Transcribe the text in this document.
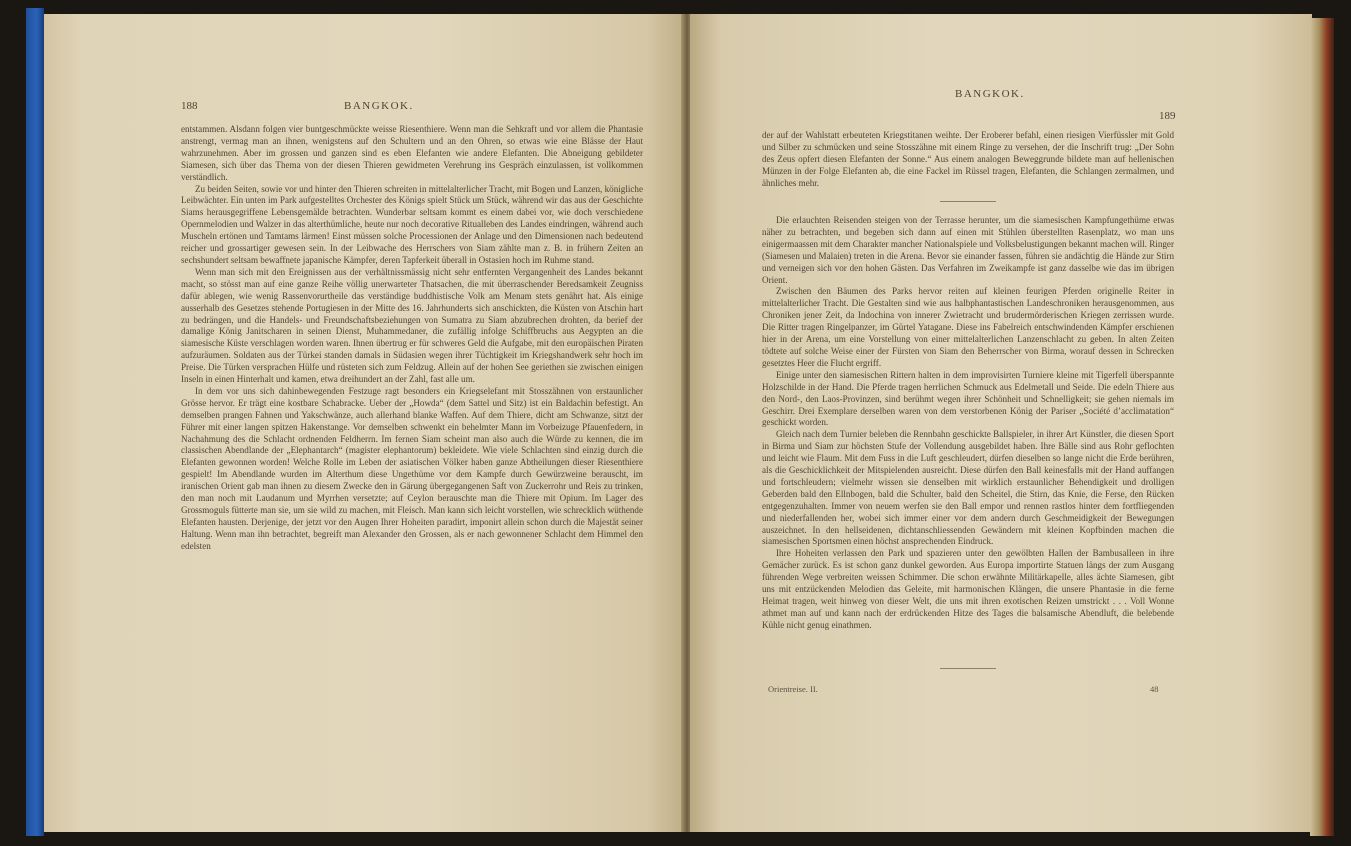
BANGKOK.
188

entstammen. Alsdann folgen vier buntgeschmückte weisse Riesenthiere. Wenn man die Sehkraft und vor allem die Phantasie anstrengt, vermag man an ihnen, wenigstens auf den Schultern und an den Ohren, so etwas wie eine Blässe der Haut wahrzunehmen. Aber im grossen und ganzen sind es eben Elefanten wie andere Elefanten. Die Abneigung gebildeter Siamesen, sich über das Thema von der diesen Thieren gewidmeten Verehrung ins Gespräch einzulassen, ist vollkommen verständlich.

Zu beiden Seiten, sowie vor und hinter den Thieren schreiten in mittelalterlicher Tracht, mit Bogen und Lanzen, königliche Leibwächter. Ein unten im Park aufgestelltes Orchester des Königs spielt Stück um Stück, während wir das aus der Geschichte Siams herausgegriffene Lebensgemälde betrachten. Wunderbar seltsam kommt es einem dabei vor, wie doch verschiedene Opernmelodien und Walzer in das alterthümliche, heute nur noch decorative Ritualleben des Landes eindringen, während auch Muscheln ertönen und Tamtams lärmen! Einst müssen solche Processionen der Anlage und den Dimensionen nach bedeutend reicher und grossartiger gewesen sein. In der Leibwache des Herrschers von Siam zählte man z. B. in frühern Zeiten an sechshundert seltsam bewaffnete japanische Kämpfer, deren Tapferkeit überall in Ostasien hoch im Ruhme stand.

Wenn man sich mit den Ereignissen aus der verhältnissmässig nicht sehr entfernten Vergangenheit des Landes bekannt macht, so stösst man auf eine ganze Reihe völlig unerwarteter Thatsachen, die mit überraschender Beredsamkeit Zeugniss dafür ablegen, wie wenig Rassenvorurtheile das verständige buddhistische Volk am Menam stets genährt hat. Als einige ausserhalb des Gesetzes stehende Portugiesen in der Mitte des 16. Jahrhunderts sich anschickten, die Küsten von Atschin hart zu bedrängen, und die Handels- und Freundschaftsbeziehungen von Sumatra zu Siam abzubrechen drohten, da berief der damalige König Janitscharen in seinen Dienst, Muhammedaner, die zufällig infolge Schiffbruchs aus Aegypten an die siamesische Küste verschlagen worden waren. Ihnen übertrug er für schweres Geld die Aufgabe, mit den europäischen Piraten aufzuräumen. Soldaten aus der Türkei standen damals in Südasien wegen ihrer Tüchtigkeit im Kriegshandwerk sehr hoch im Preise. Die Türken versprachen Hülfe und rüsteten sich zum Feldzug. Allein auf der hohen See geriethen sie zwischen einigen Inseln in einen Hinterhalt und kamen, etwa dreihundert an der Zahl, fast alle um.

In dem vor uns sich dahinbewegenden Festzuge ragt besonders ein Kriegselefant mit Stosszähnen von erstaunlicher Grösse hervor. Er trägt eine kostbare Schabracke. Ueber der „Howda“ (dem Sattel und Sitz) ist ein Baldachin befestigt. An demselben prangen Fahnen und Yakschwänze, auch allerhand blanke Waffen. Auf dem Thiere, dicht am Schwanze, sitzt der Führer mit einer langen spitzen Hakenstange. Vor demselben schwenkt ein behelmter Mann im Vorbeizuge Pfauenfedern, in Nachahmung des die Schlacht ordnenden Feldherrn. Im fernen Siam scheint man also auch die Würde zu kennen, die im classischen Abendlande der „Elephantarch“ (magister elephantorum) bekleidete. Wie viele Schlachten sind einzig durch die Elefanten gewonnen worden! Welche Rolle im Leben der asiatischen Völker haben ganze Abtheilungen dieser Riesenthiere gespielt! Im Abendlande wurden im Alterthum diese Ungethüme vor dem Kampfe durch Gewürzweine berauscht, im iranischen Orient gab man ihnen zu diesem Zwecke den in Gärung übergegangenen Saft von Zuckerrohr und Reis zu trinken, den man noch mit Laudanum und Myrrhen versetzte; auf Ceylon berauschte man die Thiere mit Opium. Im Lager des Grossmoguls fütterte man sie, um sie wild zu machen, mit Fleisch. Man kann sich leicht vorstellen, wie schrecklich wüthende Elefanten hausten. Derjenige, der jetzt vor den Augen Ihrer Hoheiten paradirt, imponirt allein schon durch die Majestät seiner Haltung. Wenn man ihn betrachtet, begreift man Alexander den Grossen, als er nach gewonnener Schlacht dem Himmel den edelsten

BANGKOK.
189

der auf der Wahlstatt erbeuteten Kriegstitanen weihte. Der Eroberer befahl, einen riesigen Vierfüssler mit Gold und Silber zu schmücken und seine Stosszähne mit einem Ringe zu versehen, der die Inschrift trug: „Der Sohn des Zeus opfert diesen Elefanten der Sonne.“ Aus einem analogen Beweggrunde bildete man auf hellenischen Münzen in der Folge Elefanten ab, die eine Fackel im Rüssel tragen, Elefanten, die Schlangen zermalmen, und ähnliches mehr.

Die erlauchten Reisenden steigen von der Terrasse herunter, um die siamesischen Kampfungethüme etwas näher zu betrachten, und begeben sich dann auf einen mit Stühlen überstellten Rasenplatz, wo man uns einigermaassen mit dem Charakter mancher Nationalspiele und Volksbelustigungen bekannt machen will. Ringer (Siamesen und Malaien) treten in die Arena. Bevor sie einander fassen, führen sie andächtig die Hände zur Stirn und verneigen sich vor den hohen Gästen. Das Verfahren im Zweikampfe ist ganz dasselbe wie das im übrigen Orient.

Zwischen den Bäumen des Parks hervor reiten auf kleinen feurigen Pferden originelle Reiter in mittelalterlicher Tracht. Die Gestalten sind wie aus halbphantastischen Landeschroniken herausgenommen, aus Chroniken jener Zeit, da Indochina von innerer Zwietracht und brudermörderischen Kriegen zerrissen wurde. Die Ritter tragen Ringelpanzer, im Gürtel Yatagane. Diese ins Fabelreich entschwindenden Kämpfer erschienen hier in der Arena, um eine Vorstellung von einer mittelalterlichen Lanzenschlacht zu geben. In alten Zeiten tödtete auf solche Weise einer der Fürsten von Siam den Beherrscher von Birma, worauf dessen in Schrecken gesetztes Heer die Flucht ergriff.

Einige unter den siamesischen Rittern halten in dem improvisirten Turniere kleine mit Tigerfell überspannte Holzschilde in der Hand. Die Pferde tragen herrlichen Schmuck aus Edelmetall und Seide. Die edeln Thiere aus den Nord-, den Laos-Provinzen, sind berühmt wegen ihrer Schönheit und Schnelligkeit; sie gehen niemals im Geschirr. Drei Exemplare derselben waren von dem verstorbenen König der Pariser „Société d’acclimatation“ geschickt worden.

Gleich nach dem Turnier beleben die Rennbahn geschickte Ballspieler, in ihrer Art Künstler, die diesen Sport in Birma und Siam zur höchsten Stufe der Vollendung ausgebildet haben. Ihre Bälle sind aus Rohr geflochten und leicht wie Flaum. Mit dem Fuss in die Luft geschleudert, dürfen dieselben so lange nicht die Erde berühren, als die Geschicklichkeit der Mitspielenden ausreicht. Diese dürfen den Ball keinesfalls mit der Hand auffangen und fortschleudern; vielmehr wissen sie denselben mit wirklich erstaunlicher Behendigkeit und drolligen Geberden bald den Ellnbogen, bald die Schulter, bald den Scheitel, die Stirn, das Knie, die Ferse, den Rücken entgegenzuhalten. Immer von neuem werfen sie den Ball empor und rennen rastlos hinter dem fortfliegenden und niederfallenden her, wobei sich immer einer vor dem andern durch Geschmeidigkeit der Bewegungen auszeichnet. In den hellseidenen, dichtanschliessenden Gewändern mit kleinen Kopfbinden machen die siamesischen Sportsmen einen höchst ansprechenden Eindruck.

Ihre Hoheiten verlassen den Park und spazieren unter den gewölbten Hallen der Bambusalleen in ihre Gemächer zurück. Es ist schon ganz dunkel geworden. Aus Europa importirte Statuen längs der zum Ausgang führenden Wege verbreiten weissen Schimmer. Die schon erwähnte Militärkapelle, alles ächte Siamesen, gibt uns mit entzückenden Melodien das Geleite, mit harmonischen Klängen, die unsere Phantasie in die ferne Heimat tragen, weit hinweg von dieser Welt, die uns mit ihren exotischen Reizen umstrickt . . . Voll Wonne athmet man auf und kann nach der erdrückenden Hitze des Tages die balsamische Abendluft, die belebende Kühle nicht genug einathmen.

Orientreise. II.	48
